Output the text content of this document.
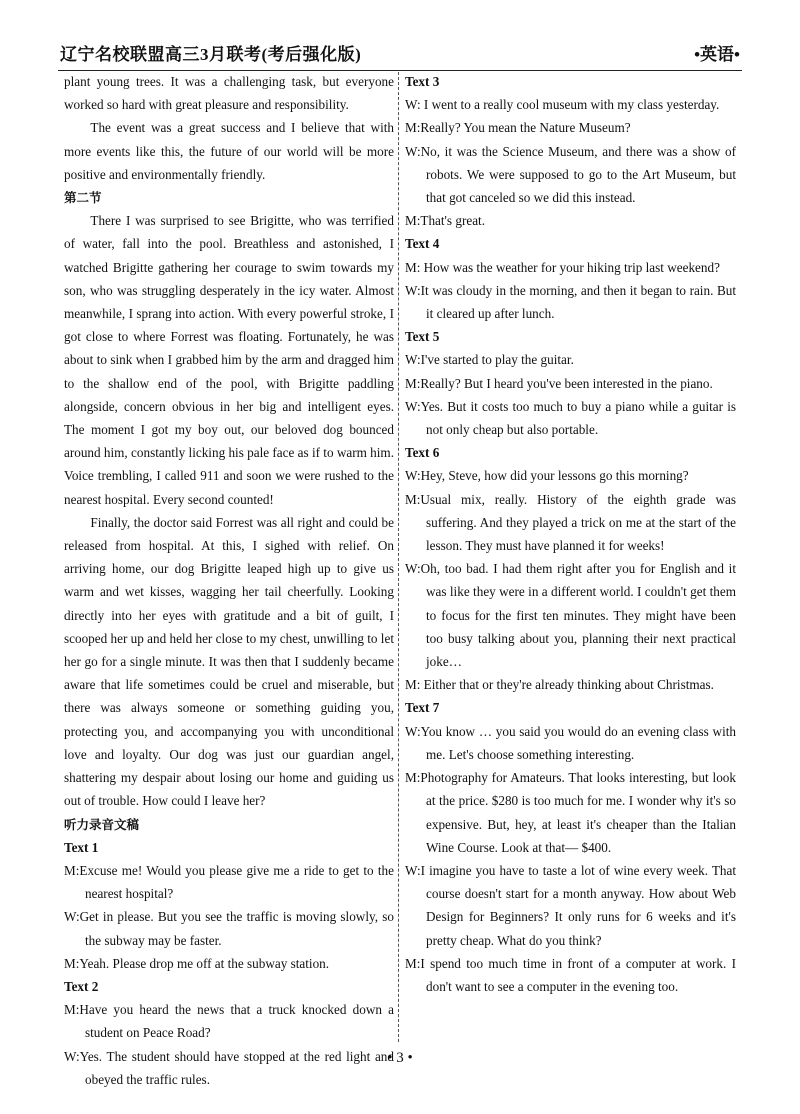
辽宁名校联盟高三3月联考(考后强化版)	•英语•

plant young trees. It was a challenging task, but everyone worked so hard with great pleasure and responsibility.

The event was a great success and I believe that with more events like this, the future of our world will be more positive and environmentally friendly.

第二节

There I was surprised to see Brigitte, who was terrified of water, fall into the pool. Breathless and astonished, I watched Brigitte gathering her courage to swim towards my son, who was struggling desperately in the icy water. Almost meanwhile, I sprang into action. With every powerful stroke, I got close to where Forrest was floating. Fortunately, he was about to sink when I grabbed him by the arm and dragged him to the shallow end of the pool, with Brigitte paddling alongside, concern obvious in her big and intelligent eyes. The moment I got my boy out, our beloved dog bounced around him, constantly licking his pale face as if to warm him. Voice trembling, I called 911 and soon we were rushed to the nearest hospital. Every second counted!

Finally, the doctor said Forrest was all right and could be released from hospital. At this, I sighed with relief. On arriving home, our dog Brigitte leaped high up to give us warm and wet kisses, wagging her tail cheerfully. Looking directly into her eyes with gratitude and a bit of guilt, I scooped her up and held her close to my chest, unwilling to let her go for a single minute. It was then that I suddenly became aware that life sometimes could be cruel and miserable, but there was always someone or something guiding you, protecting you, and accompanying you with unconditional love and loyalty. Our dog was just our guardian angel, shattering my despair about losing our home and guiding us out of trouble. How could I leave her?

听力录音文稿

Text 1

M:Excuse me! Would you please give me a ride to get to the nearest hospital?

W:Get in please. But you see the traffic is moving slowly, so the subway may be faster.

M:Yeah. Please drop me off at the subway station.

Text 2

M:Have you heard the news that a truck knocked down a student on Peace Road?

W:Yes. The student should have stopped at the red light and obeyed the traffic rules.

Text 3

W: I went to a really cool museum with my class yesterday.

M:Really? You mean the Nature Museum?

W:No, it was the Science Museum, and there was a show of robots. We were supposed to go to the Art Museum, but that got canceled so we did this instead.

M:That's great.

Text 4

M: How was the weather for your hiking trip last weekend?

W:It was cloudy in the morning, and then it began to rain. But it cleared up after lunch.

Text 5

W:I've started to play the guitar.

M:Really? But I heard you've been interested in the piano.

W:Yes. But it costs too much to buy a piano while a guitar is not only cheap but also portable.

Text 6

W:Hey, Steve, how did your lessons go this morning?

M:Usual mix, really. History of the eighth grade was suffering. And they played a trick on me at the start of the lesson. They must have planned it for weeks!

W:Oh, too bad. I had them right after you for English and it was like they were in a different world. I couldn't get them to focus for the first ten minutes. They might have been too busy talking about you, planning their next practical joke…

M: Either that or they're already thinking about Christmas.

Text 7

W:You know … you said you would do an evening class with me. Let's choose something interesting.

M:Photography for Amateurs. That looks interesting, but look at the price. $280 is too much for me. I wonder why it's so expensive. But, hey, at least it's cheaper than the Italian Wine Course. Look at that— $400.

W:I imagine you have to taste a lot of wine every week. That course doesn't start for a month anyway. How about Web Design for Beginners? It only runs for 6 weeks and it's pretty cheap. What do you think?

M:I spend too much time in front of a computer at work. I don't want to see a computer in the evening too.

• 3 •
